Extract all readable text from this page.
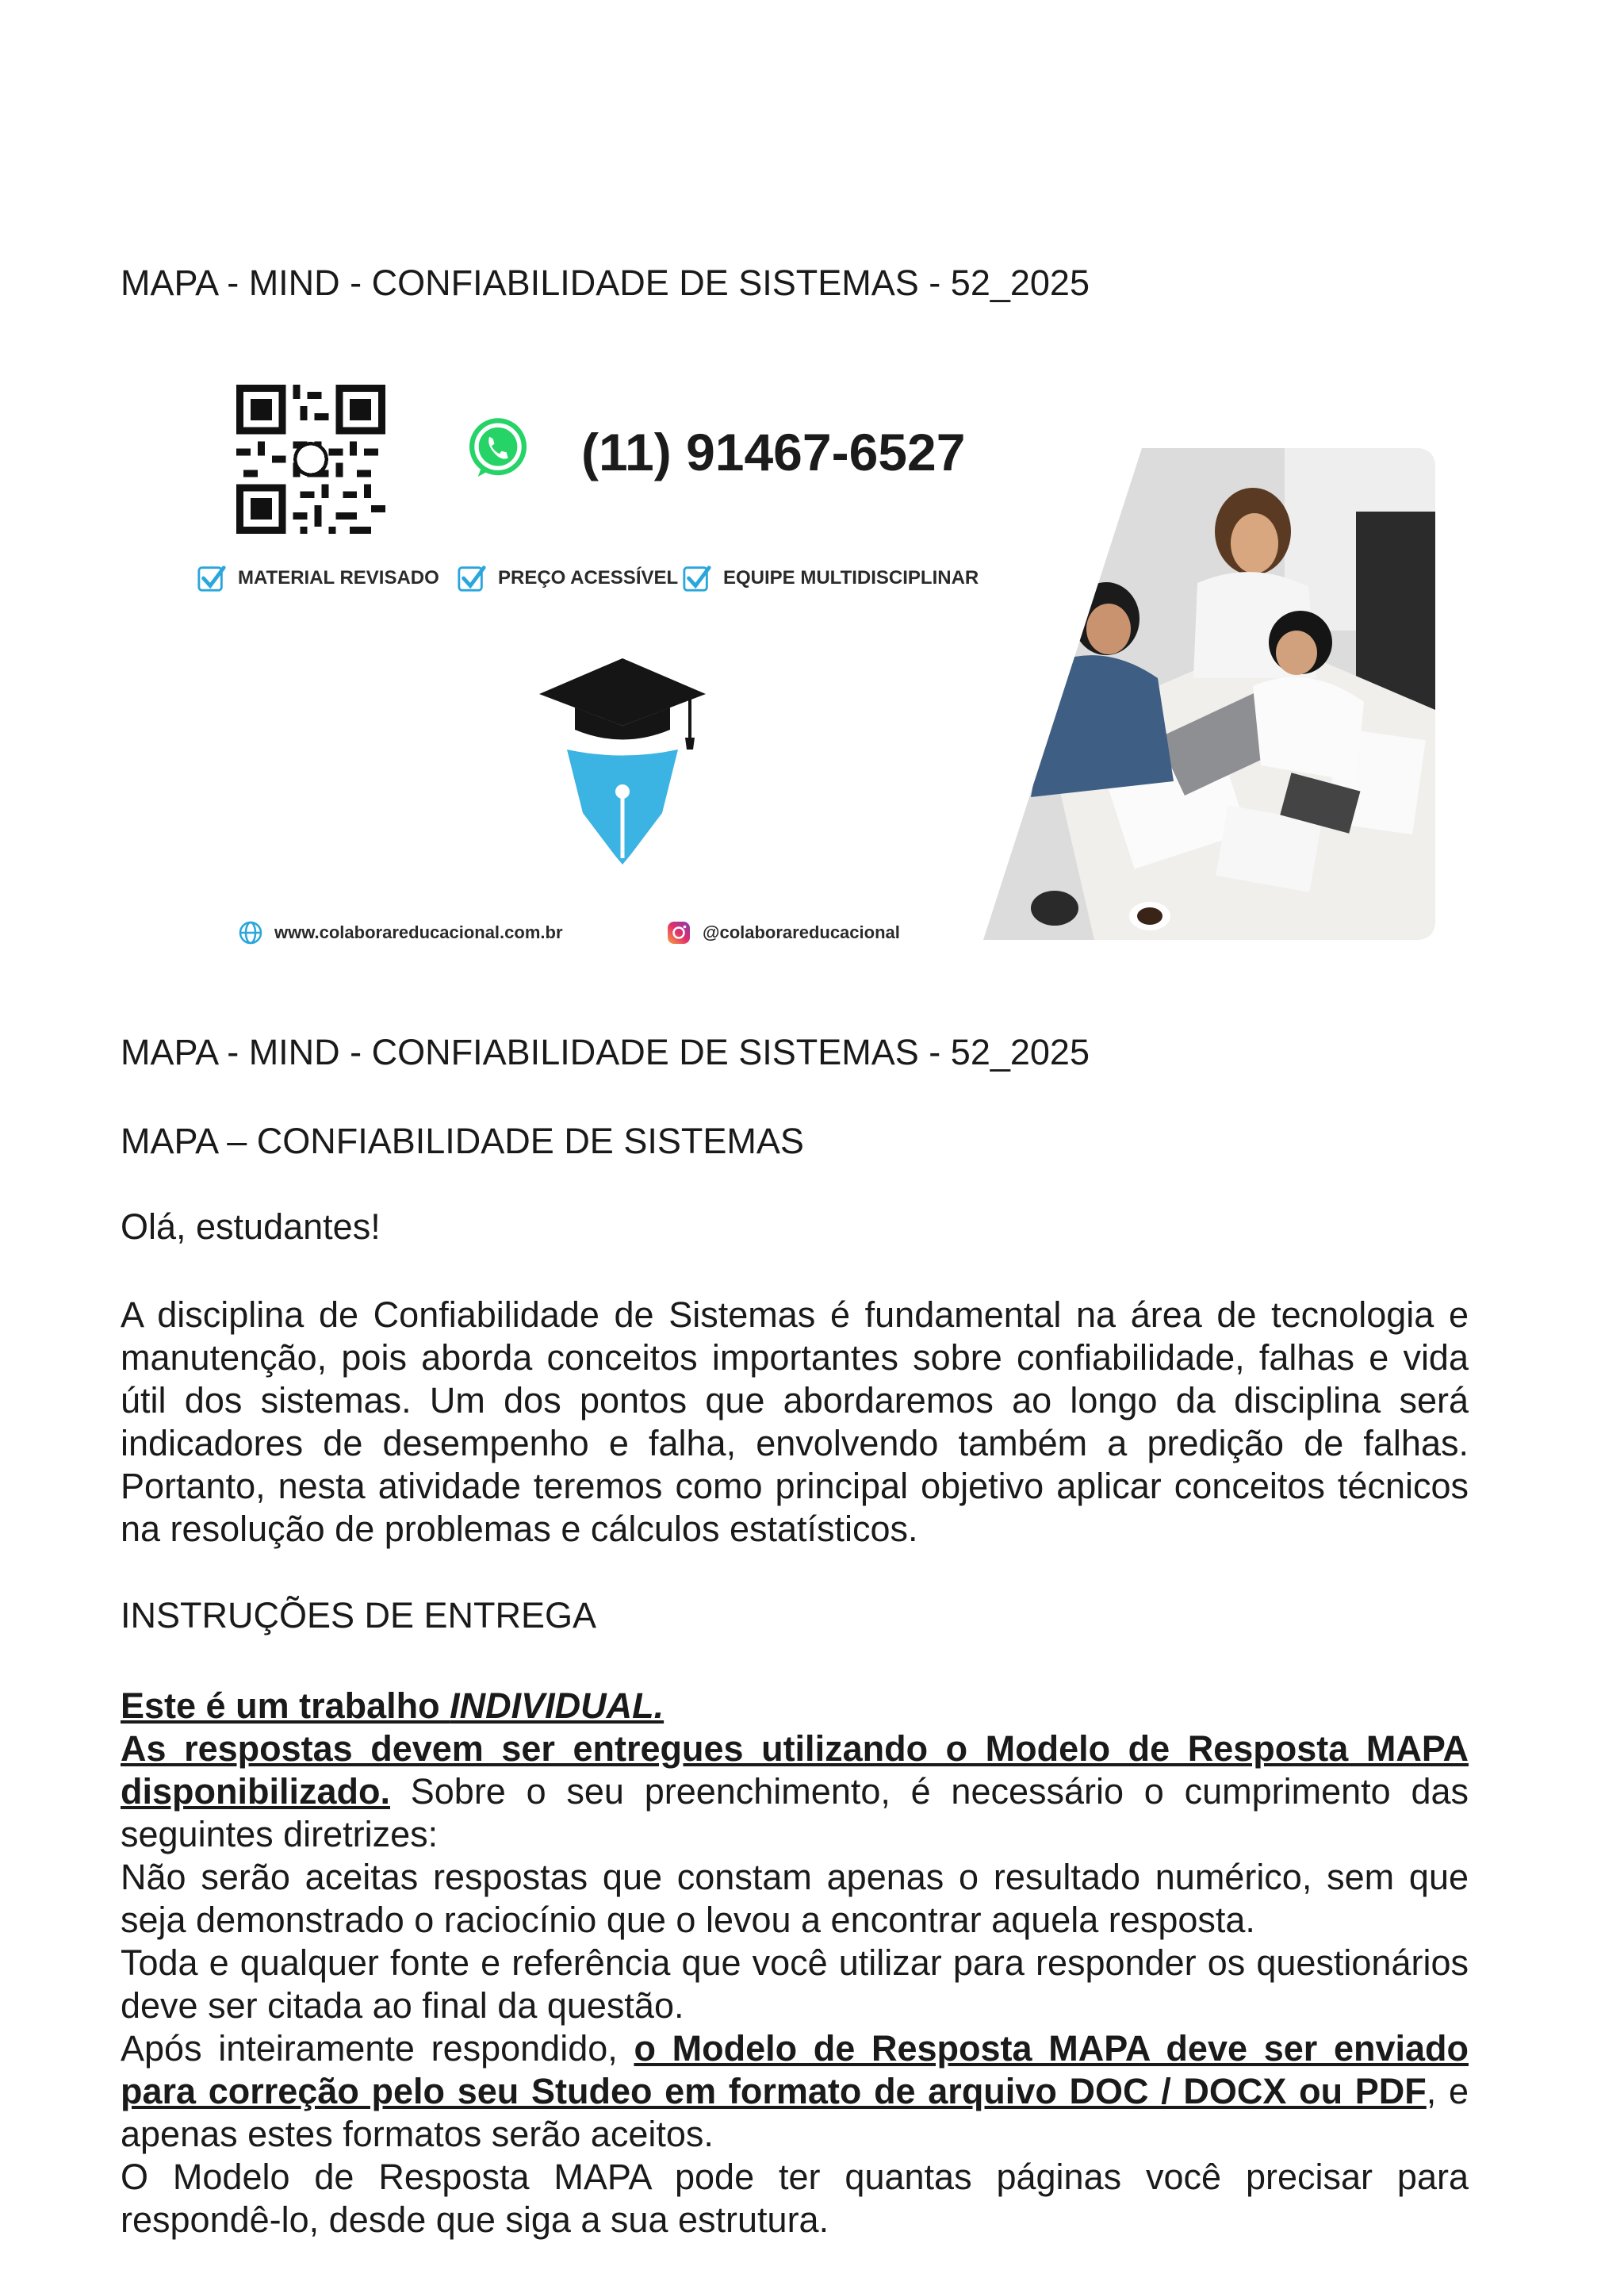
MAPA - MIND - CONFIABILIDADE DE SISTEMAS - 52_2025
(11) 91467-6527
MATERIAL REVISADO	PREÇO ACESSÍVEL EQUIPE MULTIDISCIPLINAR
www.colaborareducacional.com.br	@colaborareducacional
MAPA - MIND - CONFIABILIDADE DE SISTEMAS - 52_2025
MAPA – CONFIABILIDADE DE SISTEMAS
Olá, estudantes!
A disciplina de Confiabilidade de Sistemas é fundamental na área de tecnologia e manutenção, pois aborda conceitos importantes sobre confiabilidade, falhas e vida útil dos sistemas. Um dos pontos que abordaremos ao longo da disciplina será indicadores de desempenho e falha, envolvendo também a predição de falhas. Portanto, nesta atividade teremos como principal objetivo aplicar conceitos técnicos na resolução de problemas e cálculos estatísticos.
INSTRUÇÕES DE ENTREGA
Este é um trabalho INDIVIDUAL.
As respostas devem ser entregues utilizando o Modelo de Resposta MAPA disponibilizado. Sobre o seu preenchimento, é necessário o cumprimento das seguintes diretrizes:
Não serão aceitas respostas que constam apenas o resultado numérico, sem que seja demonstrado o raciocínio que o levou a encontrar aquela resposta.
Toda e qualquer fonte e referência que você utilizar para responder os questionários deve ser citada ao final da questão.
Após inteiramente respondido, o Modelo de Resposta MAPA deve ser enviado para correção pelo seu Studeo em formato de arquivo DOC / DOCX ou PDF, e apenas estes formatos serão aceitos.
O Modelo de Resposta MAPA pode ter quantas páginas você precisar para respondê-lo, desde que siga a sua estrutura.
